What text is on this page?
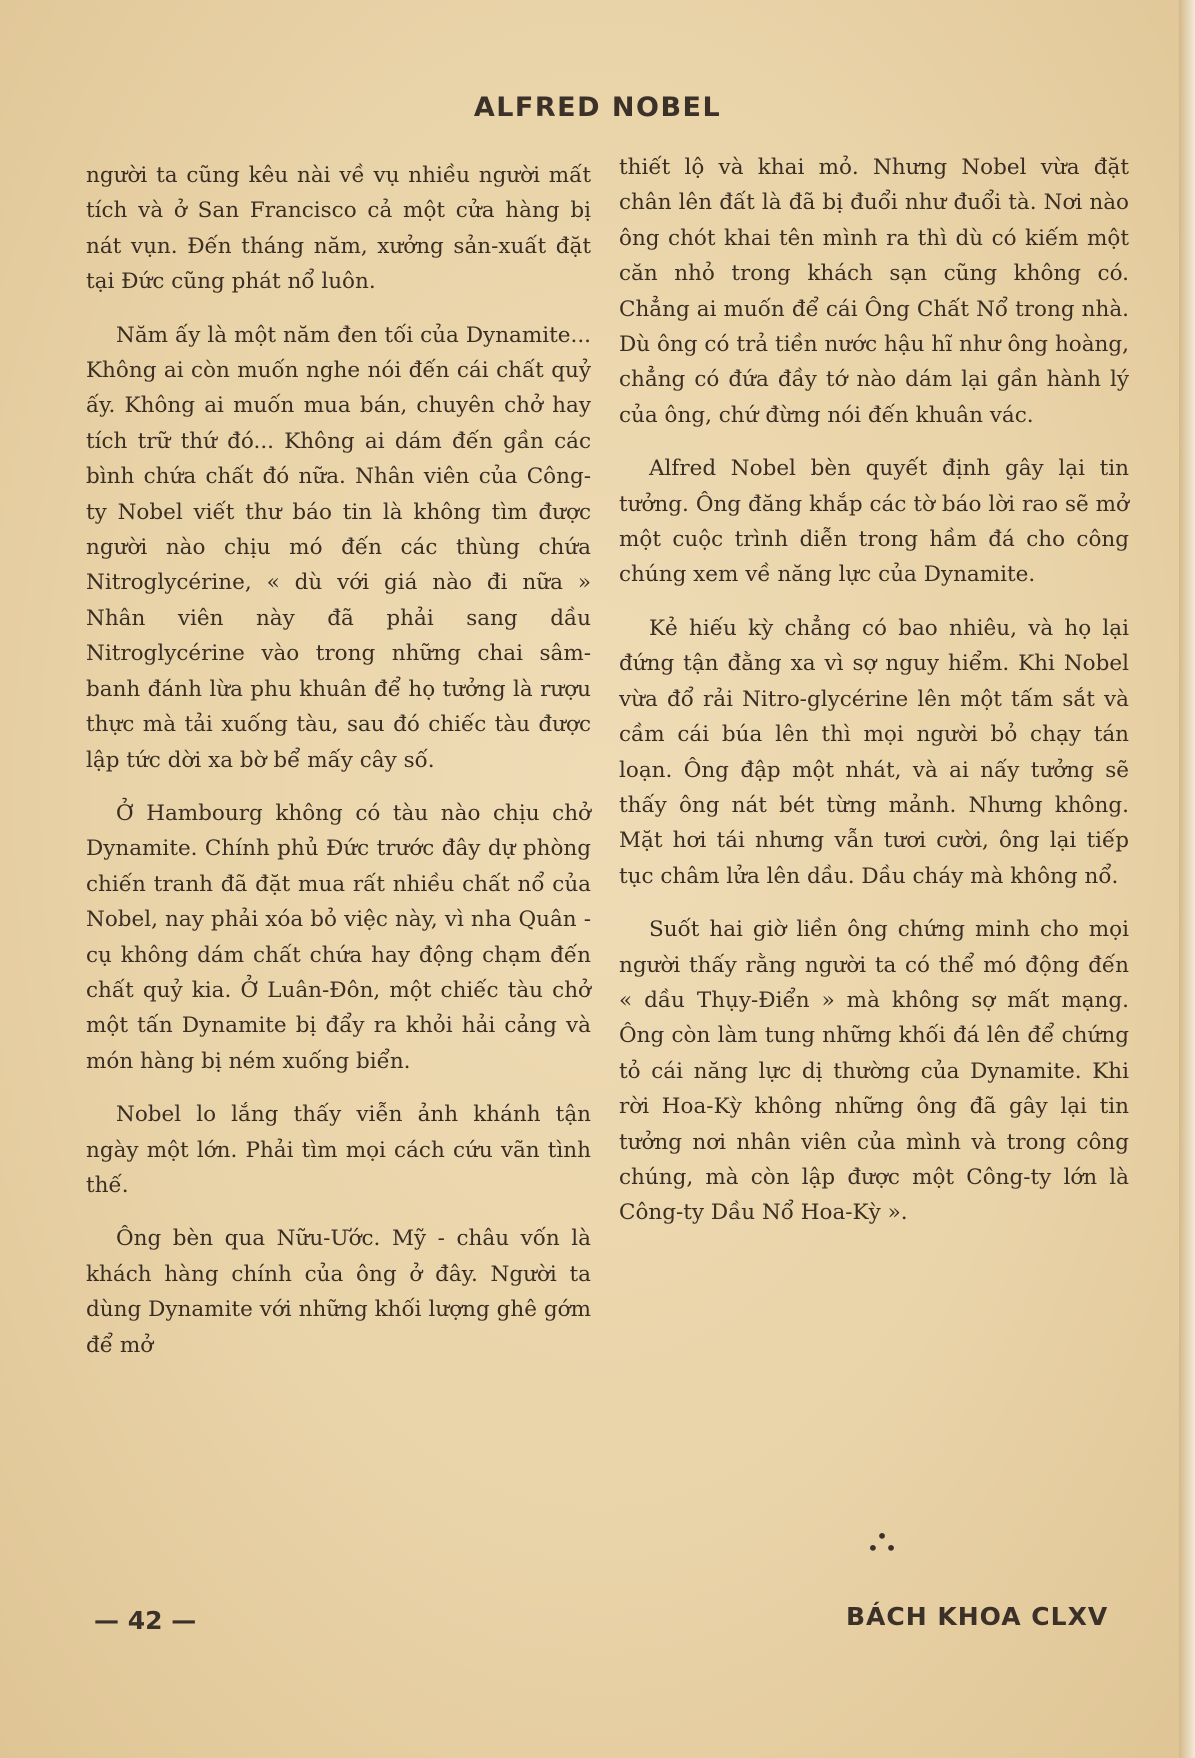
ALFRED NOBEL

người ta cũng kêu nài về vụ nhiều người mất tích và ở San Francisco cả một cửa hàng bị nát vụn. Đến tháng năm, xưởng sản-xuất đặt tại Đức cũng phát nổ luôn.

Năm ấy là một năm đen tối của Dynamite... Không ai còn muốn nghe nói đến cái chất quỷ ấy. Không ai muốn mua bán, chuyên chở hay tích trữ thứ đó... Không ai dám đến gần các bình chứa chất đó nữa. Nhân viên của Công-ty Nobel viết thư báo tin là không tìm được người nào chịu mó đến các thùng chứa Nitroglycérine, « dù với giá nào đi nữa » Nhân viên này đã phải sang dầu Nitroglycérine vào trong những chai sâm-banh đánh lừa phu khuân để họ tưởng là rượu thực mà tải xuống tàu, sau đó chiếc tàu được lập tức dời xa bờ bể mấy cây số.

Ở Hambourg không có tàu nào chịu chở Dynamite. Chính phủ Đức trước đây dự phòng chiến tranh đã đặt mua rất nhiều chất nổ của Nobel, nay phải xóa bỏ việc này, vì nha Quân - cụ không dám chất chứa hay động chạm đến chất quỷ kia. Ở Luân-Đôn, một chiếc tàu chở một tấn Dynamite bị đẩy ra khỏi hải cảng và món hàng bị ném xuống biển.

Nobel lo lắng thấy viễn ảnh khánh tận ngày một lớn. Phải tìm mọi cách cứu vãn tình thế.

Ông bèn qua Nữu-Ước. Mỹ - châu vốn là khách hàng chính của ông ở đây. Người ta dùng Dynamite với những khối lượng ghê gớm để mở

thiết lộ và khai mỏ. Nhưng Nobel vừa đặt chân lên đất là đã bị đuổi như đuổi tà. Nơi nào ông chót khai tên mình ra thì dù có kiếm một căn nhỏ trong khách sạn cũng không có. Chẳng ai muốn để cái Ông Chất Nổ trong nhà. Dù ông có trả tiền nước hậu hĩ như ông hoàng, chẳng có đứa đầy tớ nào dám lại gần hành lý của ông, chứ đừng nói đến khuân vác.

Alfred Nobel bèn quyết định gây lại tin tưởng. Ông đăng khắp các tờ báo lời rao sẽ mở một cuộc trình diễn trong hầm đá cho công chúng xem về năng lực của Dynamite.

Kẻ hiếu kỳ chẳng có bao nhiêu, và họ lại đứng tận đằng xa vì sợ nguy hiểm. Khi Nobel vừa đổ rải Nitro-glycérine lên một tấm sắt và cầm cái búa lên thì mọi người bỏ chạy tán loạn. Ông đập một nhát, và ai nấy tưởng sẽ thấy ông nát bét từng mảnh. Nhưng không. Mặt hơi tái nhưng vẫn tươi cười, ông lại tiếp tục châm lửa lên dầu. Dầu cháy mà không nổ.

Suốt hai giờ liền ông chứng minh cho mọi người thấy rằng người ta có thể mó động đến « dầu Thụy-Điển » mà không sợ mất mạng. Ông còn làm tung những khối đá lên để chứng tỏ cái năng lực dị thường của Dynamite. Khi rời Hoa-Kỳ không những ông đã gây lại tin tưởng nơi nhân viên của mình và trong công chúng, mà còn lập được một Công-ty lớn là Công-ty Dầu Nổ Hoa-Kỳ ».

•
• •
— 42 —	BÁCH KHOA CLXV
